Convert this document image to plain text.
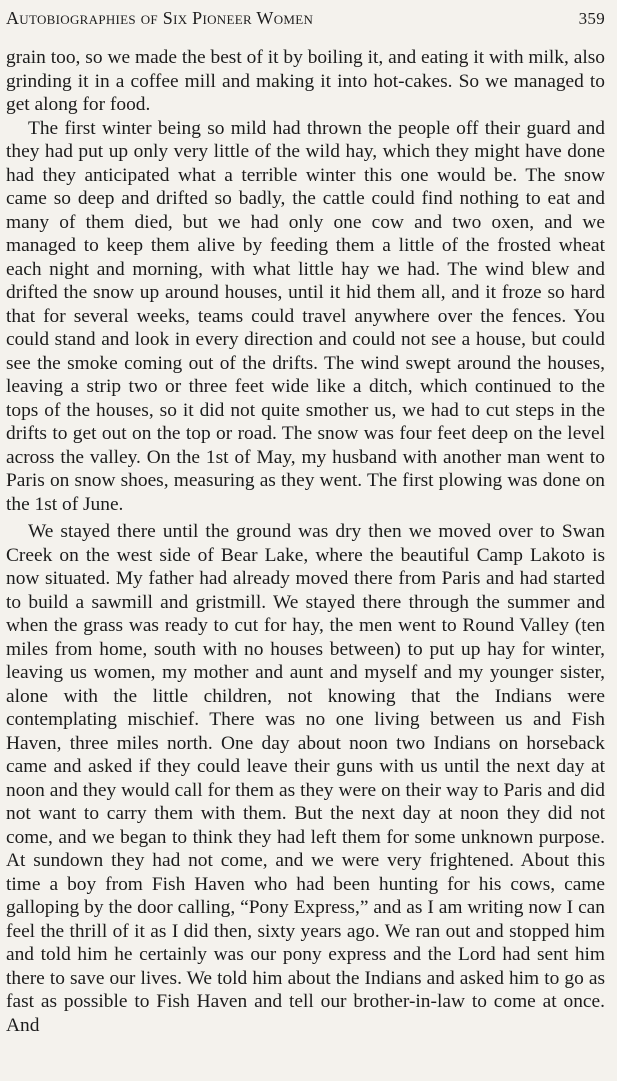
Autobiographies of Six Pioneer Women	359

grain too, so we made the best of it by boiling it, and eating it with milk, also grinding it in a coffee mill and making it into hot-cakes. So we managed to get along for food.

The first winter being so mild had thrown the people off their guard and they had put up only very little of the wild hay, which they might have done had they anticipated what a terrible winter this one would be. The snow came so deep and drifted so badly, the cattle could find nothing to eat and many of them died, but we had only one cow and two oxen, and we managed to keep them alive by feeding them a little of the frosted wheat each night and morning, with what little hay we had. The wind blew and drifted the snow up around houses, until it hid them all, and it froze so hard that for several weeks, teams could travel anywhere over the fences. You could stand and look in every direction and could not see a house, but could see the smoke coming out of the drifts. The wind swept around the houses, leaving a strip two or three feet wide like a ditch, which continued to the tops of the houses, so it did not quite smother us, we had to cut steps in the drifts to get out on the top or road. The snow was four feet deep on the level across the valley. On the 1st of May, my husband with another man went to Paris on snow shoes, measuring as they went. The first plowing was done on the 1st of June.

We stayed there until the ground was dry then we moved over to Swan Creek on the west side of Bear Lake, where the beautiful Camp Lakoto is now situated. My father had already moved there from Paris and had started to build a sawmill and gristmill. We stayed there through the summer and when the grass was ready to cut for hay, the men went to Round Valley (ten miles from home, south with no houses between) to put up hay for winter, leaving us women, my mother and aunt and myself and my younger sister, alone with the little children, not knowing that the Indians were contemplating mischief. There was no one living between us and Fish Haven, three miles north. One day about noon two Indians on horseback came and asked if they could leave their guns with us until the next day at noon and they would call for them as they were on their way to Paris and did not want to carry them with them. But the next day at noon they did not come, and we began to think they had left them for some unknown purpose. At sundown they had not come, and we were very frightened. About this time a boy from Fish Haven who had been hunting for his cows, came galloping by the door calling, “Pony Express,” and as I am writing now I can feel the thrill of it as I did then, sixty years ago. We ran out and stopped him and told him he certainly was our pony express and the Lord had sent him there to save our lives. We told him about the Indians and asked him to go as fast as possible to Fish Haven and tell our brother-in-law to come at once. And
